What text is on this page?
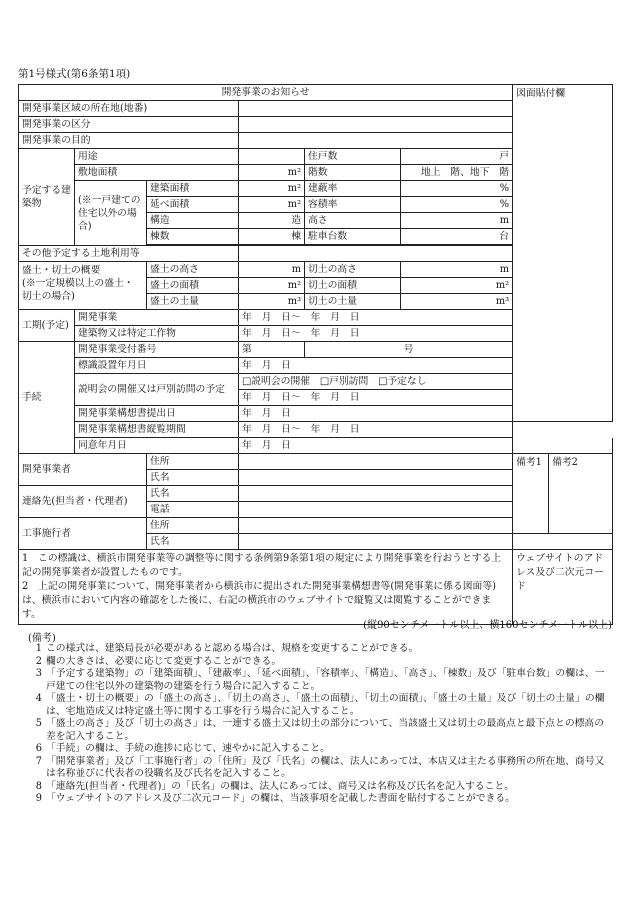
第1号様式(第6条第1項)
開発事業のお知らせ						図面貼付欄	
開発事業区域の所在地(地番)							
開発事業の区分							
開発事業の目的							
予定する建築物	用途			住戸数	戸		
	敷地面積		m²	階数	地上　階、地下　階		
	(※一戸建ての住宅以外の場合)	建築面積	m²	建蔽率	%		
		延べ面積	m²	容積率	%		
		構造	造	高さ	m		
		棟数	棟	駐車台数	台		

その他予定する土地利用等							
盛土・切土の概要
(※一定規模以上の盛土・切土の場合)		盛土の高さ	m	切土の高さ	m		
		盛土の面積	m²	切土の面積	m²		
		盛土の土量	m³	切土の土量	m³		
工期(予定)	開発事業		年　月　日～　年　月　日				
	建築物又は特定工作物		年　月　日～　年　月　日				
手続	開発事業受付番号		第	号			
	標識設置年月日		年　月　日				
	説明会の開催又は戸別訪問の予定		□説明会の開催　□戸別訪問　□予定なし				
			年　月　日～　年　月　日				
	開発事業構想書提出日		年　月　日				
	開発事業構想書縦覧期間		年　月　日～　年　月　日			
	同意年月日		年　月　日				
開発事業者		住所				備考1	備考2
		氏名					
連絡先(担当者・代理者)		氏名					
		電話					
工事施行者		住所					
		氏名					

1　この標識は、横浜市開発事業等の調整等に関する条例第9条第1項の規定により開発事業を行おうとする上記の開発事業者が設置したものです。
2　上記の開発事業について、開発事業者から横浜市に提出された開発事業構想書等(開発事業に係る図面等)は、横浜市において内容の確認をした後に、右記の横浜市のウェブサイトで縦覧又は閲覧することができます。						ウェブサイトのアドレス及び二次元コード	
(縦90センチメートル以上、横160センチメートル以上)
(備考)
1 この様式は、建築局長が必要があると認める場合は、規格を変更することができる。
2 欄の大きさは、必要に応じて変更することができる。
3 「予定する建築物」の「建築面積」、「建蔽率」、「延べ面積」、「容積率」、「構造」、「高さ」、「棟数」及び「駐車台数」の欄は、一戸建ての住宅以外の建築物の建築を行う場合に記入すること。
4 「盛土・切土の概要」の「盛土の高さ」、「切土の高さ」、「盛土の面積」、「切土の面積」、「盛土の土量」及び「切土の土量」の欄は、宅地造成又は特定盛土等に関する工事を行う場合に記入すること。
5 「盛土の高さ」及び「切土の高さ」は、一連する盛土又は切土の部分について、当該盛土又は切土の最高点と最下点との標高の差を記入すること。
6 「手続」の欄は、手続の進捗に応じて、速やかに記入すること。
7 「開発事業者」及び「工事施行者」の「住所」及び「氏名」の欄は、法人にあっては、本店又は主たる事務所の所在地、商号又は名称並びに代表者の役職名及び氏名を記入すること。
8 「連絡先(担当者・代理者)」の「氏名」の欄は、法人にあっては、商号又は名称及び氏名を記入すること。
9 「ウェブサイトのアドレス及び二次元コード」の欄は、当該事項を記載した書面を貼付することができる。
